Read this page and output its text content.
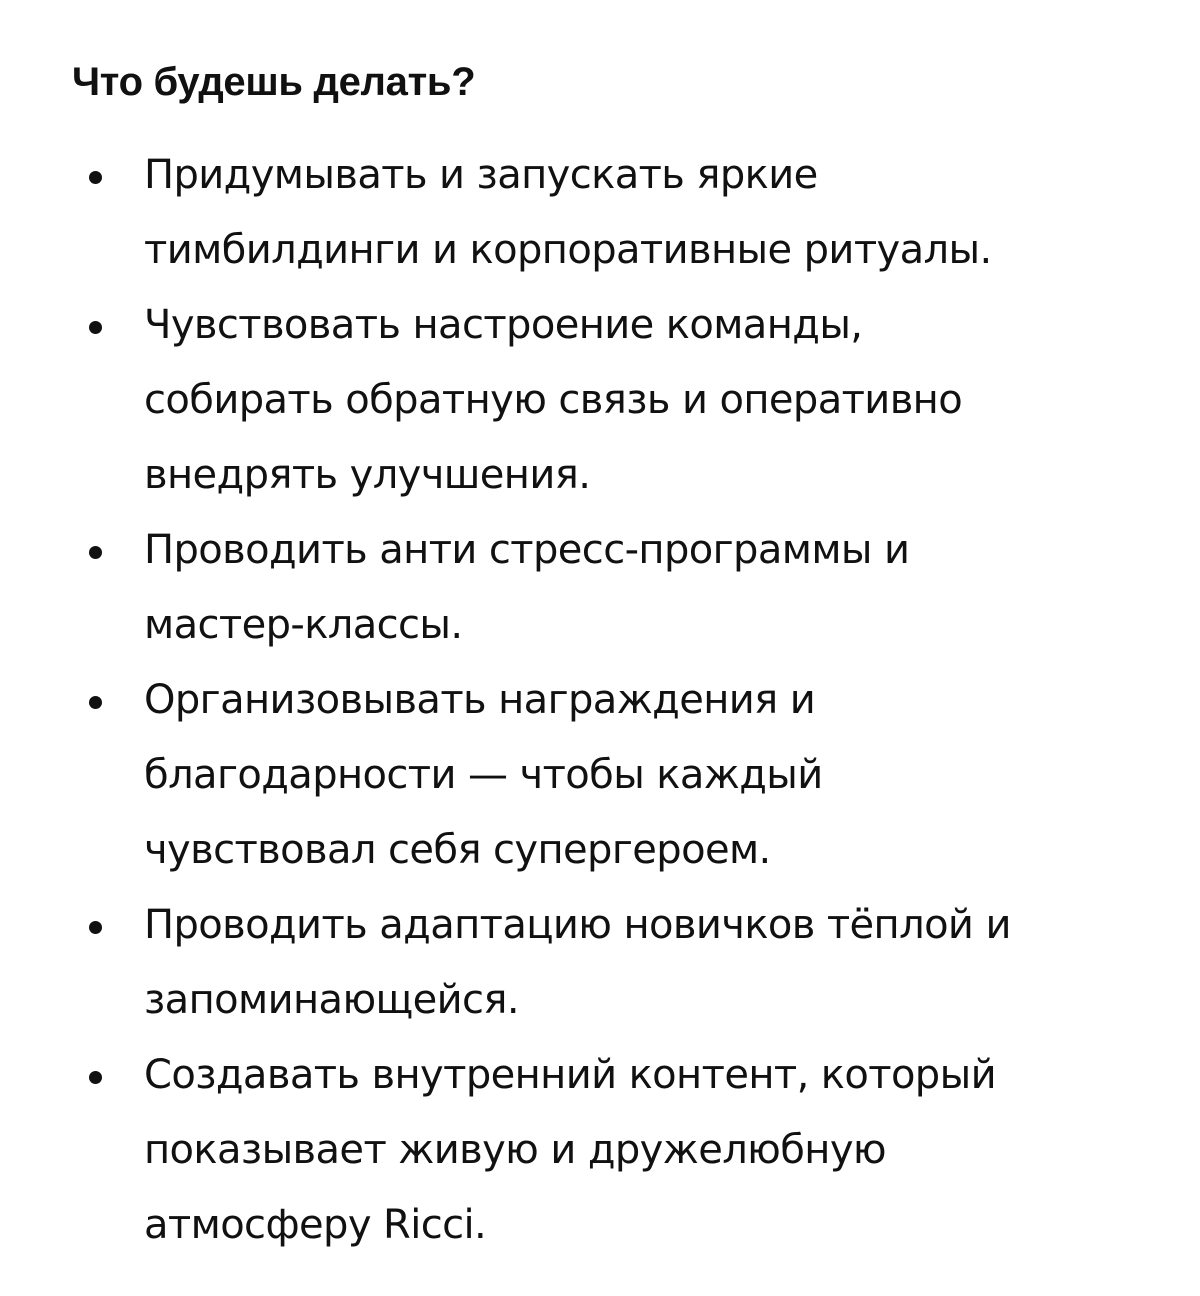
Что будешь делать?
Придумывать и запускать яркие
тимбилдинги и корпоративные ритуалы.
Чувствовать настроение команды,
собирать обратную связь и оперативно
внедрять улучшения.
Проводить анти стресс-программы и
мастер-классы.
Организовывать награждения и
благодарности — чтобы каждый
чувствовал себя супергероем.
Проводить адаптацию новичков тёплой и
запоминающейся.
Создавать внутренний контент, который
показывает живую и дружелюбную
атмосферу Ricci.
